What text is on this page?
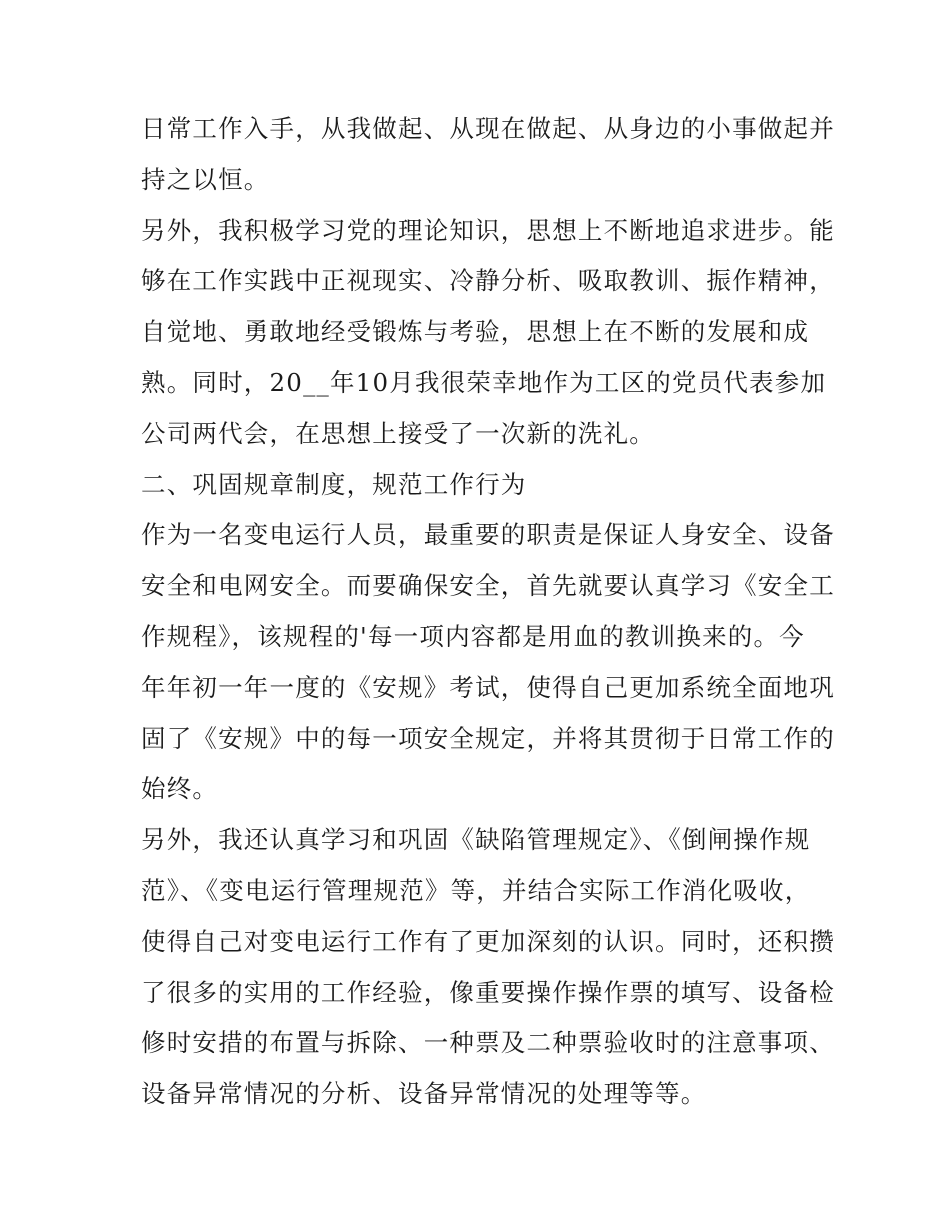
日常工作入手，从我做起、从现在做起、从身边的小事做起并
持之以恒。
另外，我积极学习党的理论知识，思想上不断地追求进步。能
够在工作实践中正视现实、冷静分析、吸取教训、振作精神，
自觉地、勇敢地经受锻炼与考验，思想上在不断的发展和成
熟。同时，20__年10月我很荣幸地作为工区的党员代表参加
公司两代会，在思想上接受了一次新的洗礼。
二、巩固规章制度，规范工作行为
作为一名变电运行人员，最重要的职责是保证人身安全、设备
安全和电网安全。而要确保安全，首先就要认真学习《安全工
作规程》，该规程的'每一项内容都是用血的教训换来的。今
年年初一年一度的《安规》考试，使得自己更加系统全面地巩
固了《安规》中的每一项安全规定，并将其贯彻于日常工作的
始终。
另外，我还认真学习和巩固《缺陷管理规定》、《倒闸操作规
范》、《变电运行管理规范》等，并结合实际工作消化吸收，
使得自己对变电运行工作有了更加深刻的认识。同时，还积攒
了很多的实用的工作经验，像重要操作操作票的填写、设备检
修时安措的布置与拆除、一种票及二种票验收时的注意事项、
设备异常情况的分析、设备异常情况的处理等等。
